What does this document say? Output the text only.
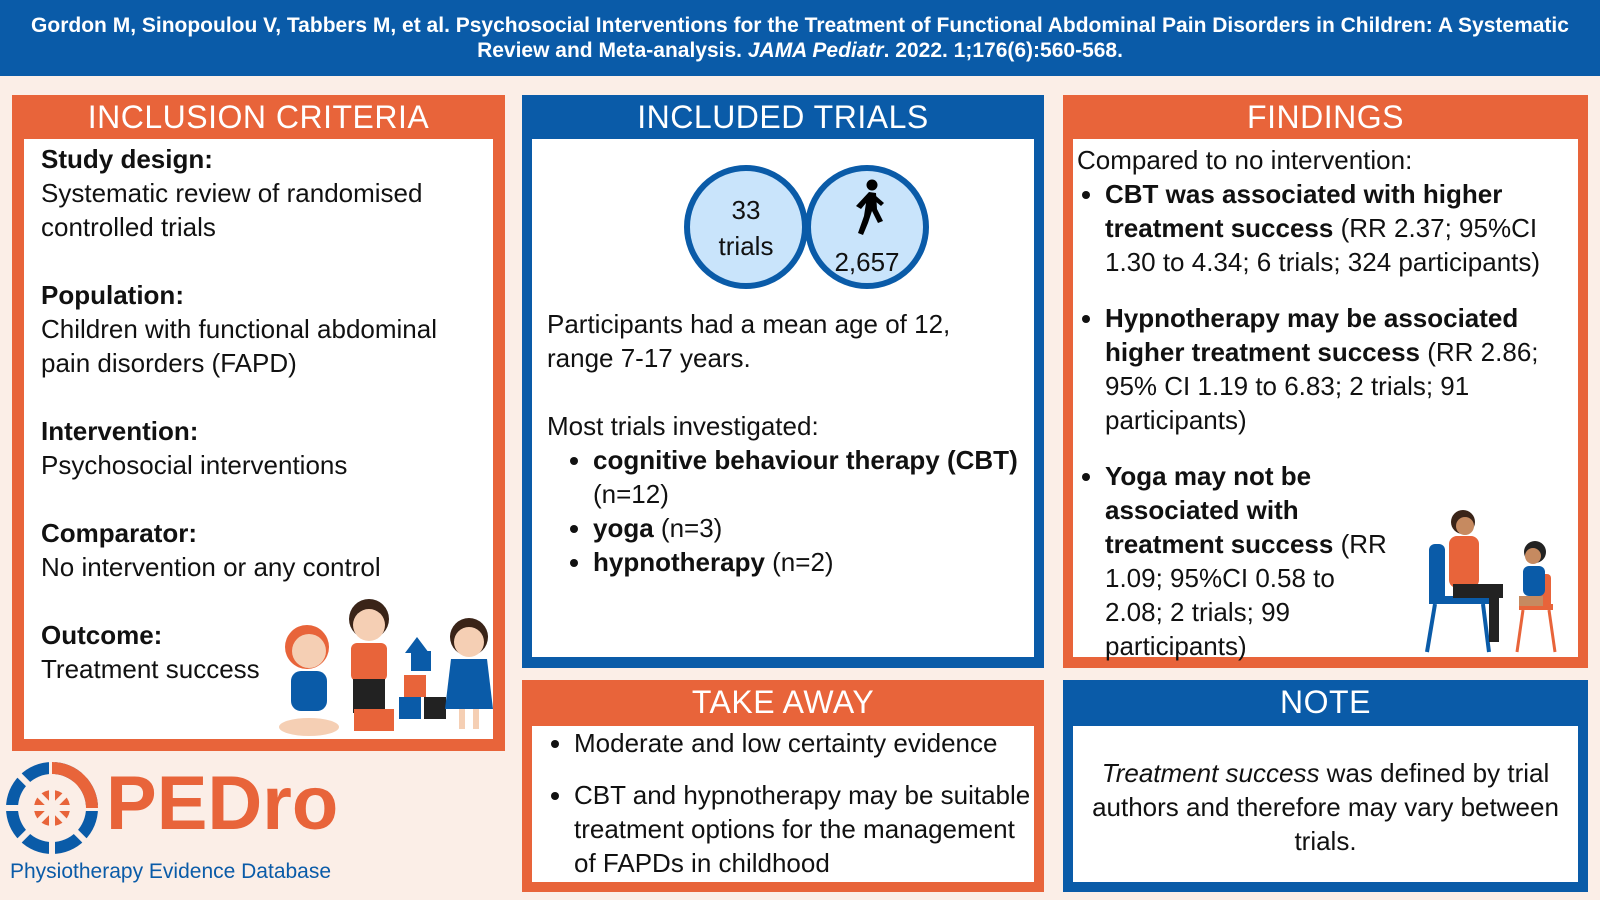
Gordon M, Sinopoulou V, Tabbers M, et al. Psychosocial Interventions for the Treatment of Functional Abdominal Pain Disorders in Children: A Systematic Review and Meta-analysis. JAMA Pediatr. 2022. 1;176(6):560-568.
INCLUSION CRITERIA
Study design:
Systematic review of randomised controlled trials
Population:
Children with functional abdominal pain disorders (FAPD)
Intervention:
Psychosocial interventions
Comparator:
No intervention or any control
Outcome:
Treatment success
INCLUDED TRIALS
33
trials
2,657
Participants had a mean age of 12, range 7-17 years.
Most trials investigated:
• cognitive behaviour therapy (CBT) (n=12)
• yoga (n=3)
• hypnotherapy (n=2)
FINDINGS
Compared to no intervention:
• CBT was associated with higher treatment success (RR 2.37; 95%CI 1.30 to 4.34; 6 trials; 324 participants)
• Hypnotherapy may be associated higher treatment success (RR 2.86; 95% CI 1.19 to 6.83; 2 trials; 91 participants)
• Yoga may not be associated with treatment success (RR 1.09; 95%CI 0.58 to 2.08; 2 trials; 99 participants)
TAKE AWAY
• Moderate and low certainty evidence
• CBT and hypnotherapy may be suitable treatment options for the management of FAPDs in childhood
NOTE
Treatment success was defined by trial authors and therefore may vary between trials.
PEDro
Physiotherapy Evidence Database
